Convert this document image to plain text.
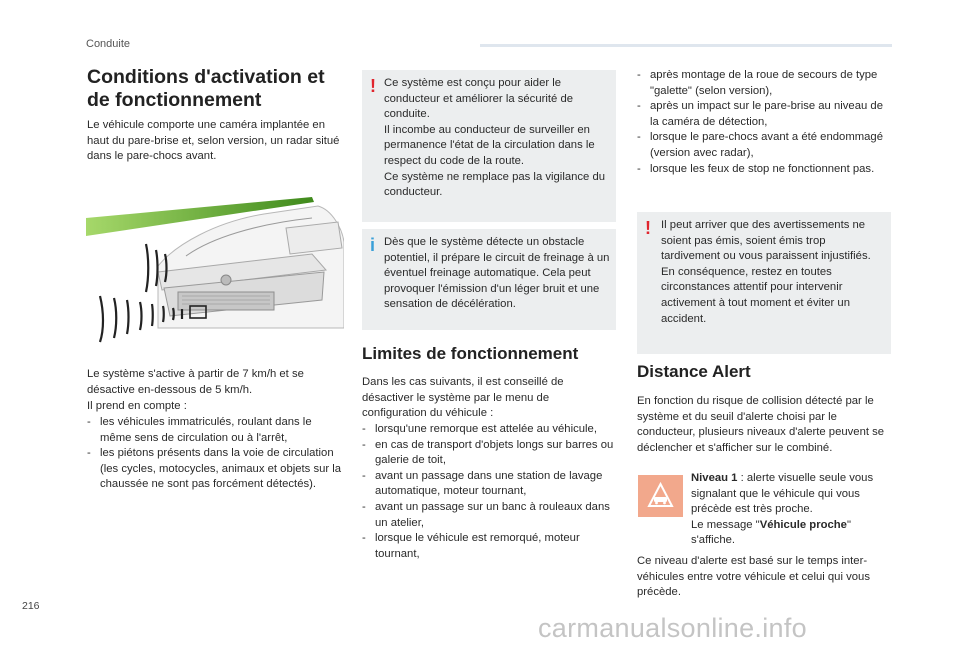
Conduite
Conditions d'activation et
de fonctionnement
Le véhicule comporte une caméra implantée en haut du pare-brise et, selon version, un radar situé dans le pare-chocs avant.
Le système s'active à partir de 7 km/h et se désactive en-dessous de 5 km/h.
Il prend en compte :
- les véhicules immatriculés, roulant dans le même sens de circulation ou à l'arrêt,
- les piétons présents dans la voie de circulation (les cycles, motocycles, animaux et objets sur la chaussée ne sont pas forcément détectés).
! Ce système est conçu pour aider le conducteur et améliorer la sécurité de conduite.
Il incombe au conducteur de surveiller en permanence l'état de la circulation dans le respect du code de la route.
Ce système ne remplace pas la vigilance du conducteur.
i Dès que le système détecte un obstacle potentiel, il prépare le circuit de freinage à un éventuel freinage automatique. Cela peut provoquer l'émission d'un léger bruit et une sensation de décélération.
Limites de fonctionnement
Dans les cas suivants, il est conseillé de désactiver le système par le menu de configuration du véhicule :
- lorsqu'une remorque est attelée au véhicule,
- en cas de transport d'objets longs sur barres ou galerie de toit,
- avant un passage dans une station de lavage automatique, moteur tournant,
- avant un passage sur un banc à rouleaux dans un atelier,
- lorsque le véhicule est remorqué, moteur tournant,
- après montage de la roue de secours de type "galette" (selon version),
- après un impact sur le pare-brise au niveau de la caméra de détection,
- lorsque le pare-chocs avant a été endommagé (version avec radar),
- lorsque les feux de stop ne fonctionnent pas.
! Il peut arriver que des avertissements ne soient pas émis, soient émis trop tardivement ou vous paraissent injustifiés.
En conséquence, restez en toutes circonstances attentif pour intervenir activement à tout moment et éviter un accident.
Distance Alert
En fonction du risque de collision détecté par le système et du seuil d'alerte choisi par le conducteur, plusieurs niveaux d'alerte peuvent se déclencher et s'afficher sur le combiné.
Niveau 1 : alerte visuelle seule vous signalant que le véhicule qui vous précède est très proche.
Le message "Véhicule proche" s'affiche.
Ce niveau d'alerte est basé sur le temps inter-véhicules entre votre véhicule et celui qui vous précède.
216
carmanualsonline.info
